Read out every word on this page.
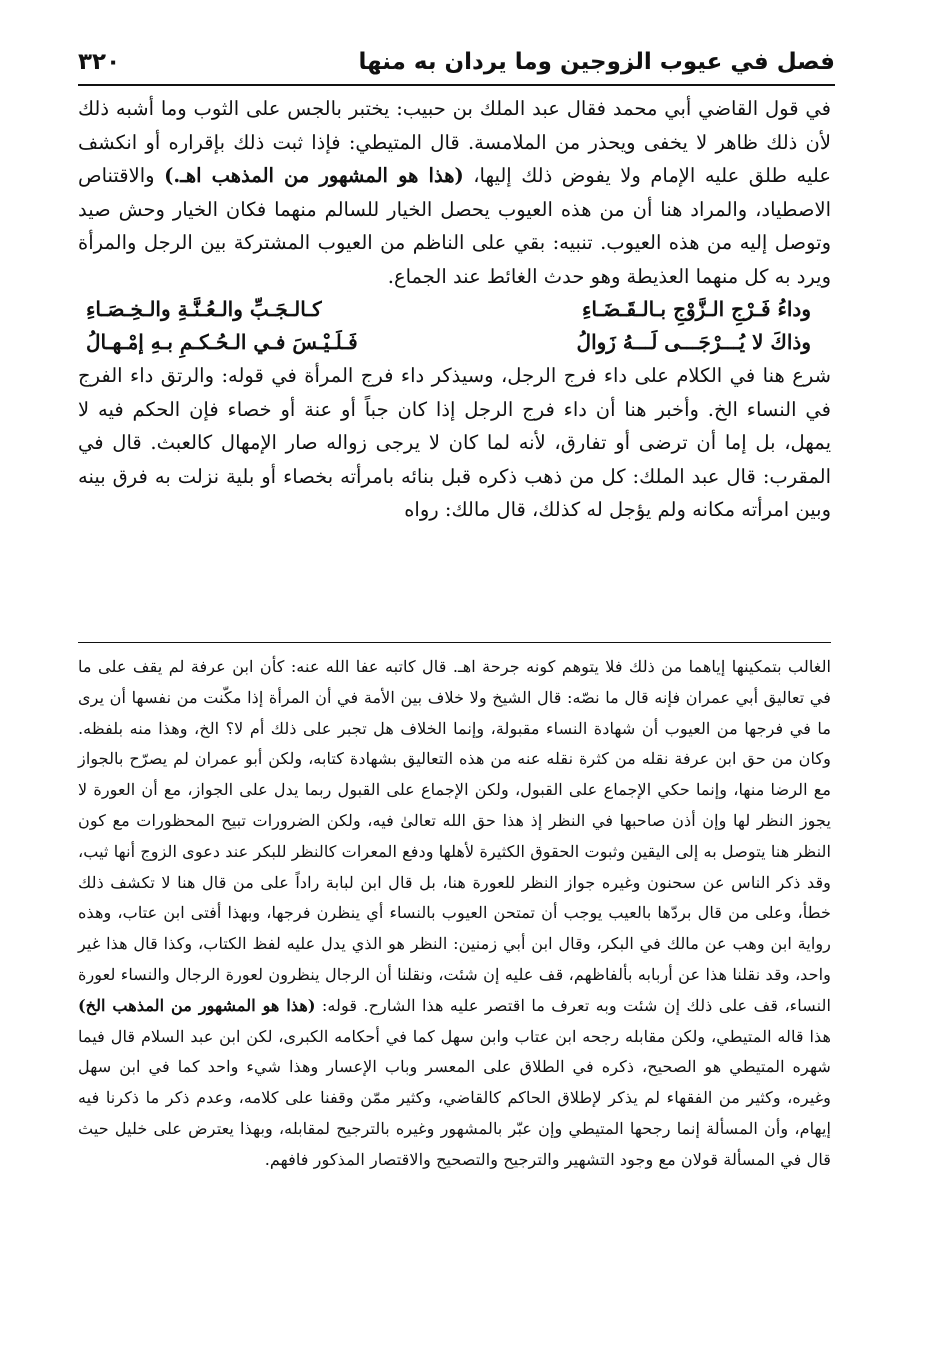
٣٢٠	فصل في عيوب الزوجين وما يردان به منها

في قول القاضي أبي محمد فقال عبد الملك بن حبيب: يختبر بالجس على الثوب وما أشبه ذلك لأن ذلك ظاهر لا يخفى ويحذر من الملامسة. قال المتيطي: فإذا ثبت ذلك بإقراره أو انكشف عليه طلق عليه الإمام ولا يفوض ذلك إليها، (هذا هو المشهور من المذهب اهـ.) والاقتناص الاصطياد، والمراد هنا أن من هذه العيوب يحصل الخيار للسالم منهما فكان الخيار وحش صيد وتوصل إليه من هذه العيوب. تنبيه: بقي على الناظم من العيوب المشتركة بين الرجل والمرأة ويرد به كل منهما العذيطة وهو حدث الغائط عند الجماع.

وداءُ فَـرْجِ الـزَّوْجِ بـالـقَـضَـاءِ
كـالـجَـبِّ والـعُـنَّـةِ والـخِـصَـاءِ
وذاكَ لا يُـــرْجَـــى لَـــهُ زَوالُ
فَـلَـيْـسَ فـي الـحُـكـمِ بـهِ إمْـهـالُ

شرع هنا في الكلام على داء فرج الرجل، وسيذكر داء فرج المرأة في قوله: والرتق داء الفرج في النساء الخ. وأخبر هنا أن داء فرج الرجل إذا كان جباً أو عنة أو خصاء فإن الحكم فيه لا يمهل، بل إما أن ترضى أو تفارق، لأنه لما كان لا يرجى زواله صار الإمهال كالعبث. قال في المقرب: قال عبد الملك: كل من ذهب ذكره قبل بنائه بامرأته بخصاء أو بلية نزلت به فرق بينه وبين امرأته مكانه ولم يؤجل له كذلك، قال مالك: رواه

الغالب بتمكينها إياهما من ذلك فلا يتوهم كونه جرحة اهـ. قال كاتبه عفا الله عنه: كأن ابن عرفة لم يقف على ما في تعاليق أبي عمران فإنه قال ما نصّه: قال الشيخ ولا خلاف بين الأمة في أن المرأة إذا مكّنت من نفسها أن يرى ما في فرجها من العيوب أن شهادة النساء مقبولة، وإنما الخلاف هل تجبر على ذلك أم لا؟ الخ، وهذا منه بلفظه. وكان من حق ابن عرفة نقله من كثرة نقله عنه من هذه التعاليق بشهادة كتابه، ولكن أبو عمران لم يصرّح بالجواز مع الرضا منها، وإنما حكي الإجماع على القبول، ولكن الإجماع على القبول ربما يدل على الجواز، مع أن العورة لا يجوز النظر لها وإن أذن صاحبها في النظر إذ هذا حق الله تعالىٰ فيه، ولكن الضرورات تبيح المحظورات مع كون النظر هنا يتوصل به إلى اليقين وثبوت الحقوق الكثيرة لأهلها ودفع المعرات كالنظر للبكر عند دعوى الزوج أنها ثيب، وقد ذكر الناس عن سحنون وغيره جواز النظر للعورة هنا، بل قال ابن لبابة راداً على من قال هنا لا تكشف ذلك خطأ، وعلى من قال بردّها بالعيب يوجب أن تمتحن العيوب بالنساء أي ينظرن فرجها، وبهذا أفتى ابن عتاب، وهذه رواية ابن وهب عن مالك في البكر، وقال ابن أبي زمنين: النظر هو الذي يدل عليه لفظ الكتاب، وكذا قال هذا غير واحد، وقد نقلنا هذا عن أربابه بألفاظهم، قف عليه إن شئت، ونقلنا أن الرجال ينظرون لعورة الرجال والنساء لعورة النساء، قف على ذلك إن شئت وبه تعرف ما اقتصر عليه هذا الشارح. قوله: (هذا هو المشهور من المذهب الخ) هذا قاله المتيطي، ولكن مقابله رجحه ابن عتاب وابن سهل كما في أحكامه الكبرى، لكن ابن عبد السلام قال فيما شهره المتيطي هو الصحيح، ذكره في الطلاق على المعسر وباب الإعسار وهذا شيء واحد كما في ابن سهل وغيره، وكثير من الفقهاء لم يذكر لإطلاق الحاكم كالقاضي، وكثير ممّن وقفنا على كلامه، وعدم ذكر ما ذكرنا فيه إيهام، وأن المسألة إنما رجحها المتيطي وإن عبّر بالمشهور وغيره بالترجيح لمقابله، وبهذا يعترض على خليل حيث قال في المسألة قولان مع وجود التشهير والترجيح والتصحيح والاقتصار المذكور فافهم.
